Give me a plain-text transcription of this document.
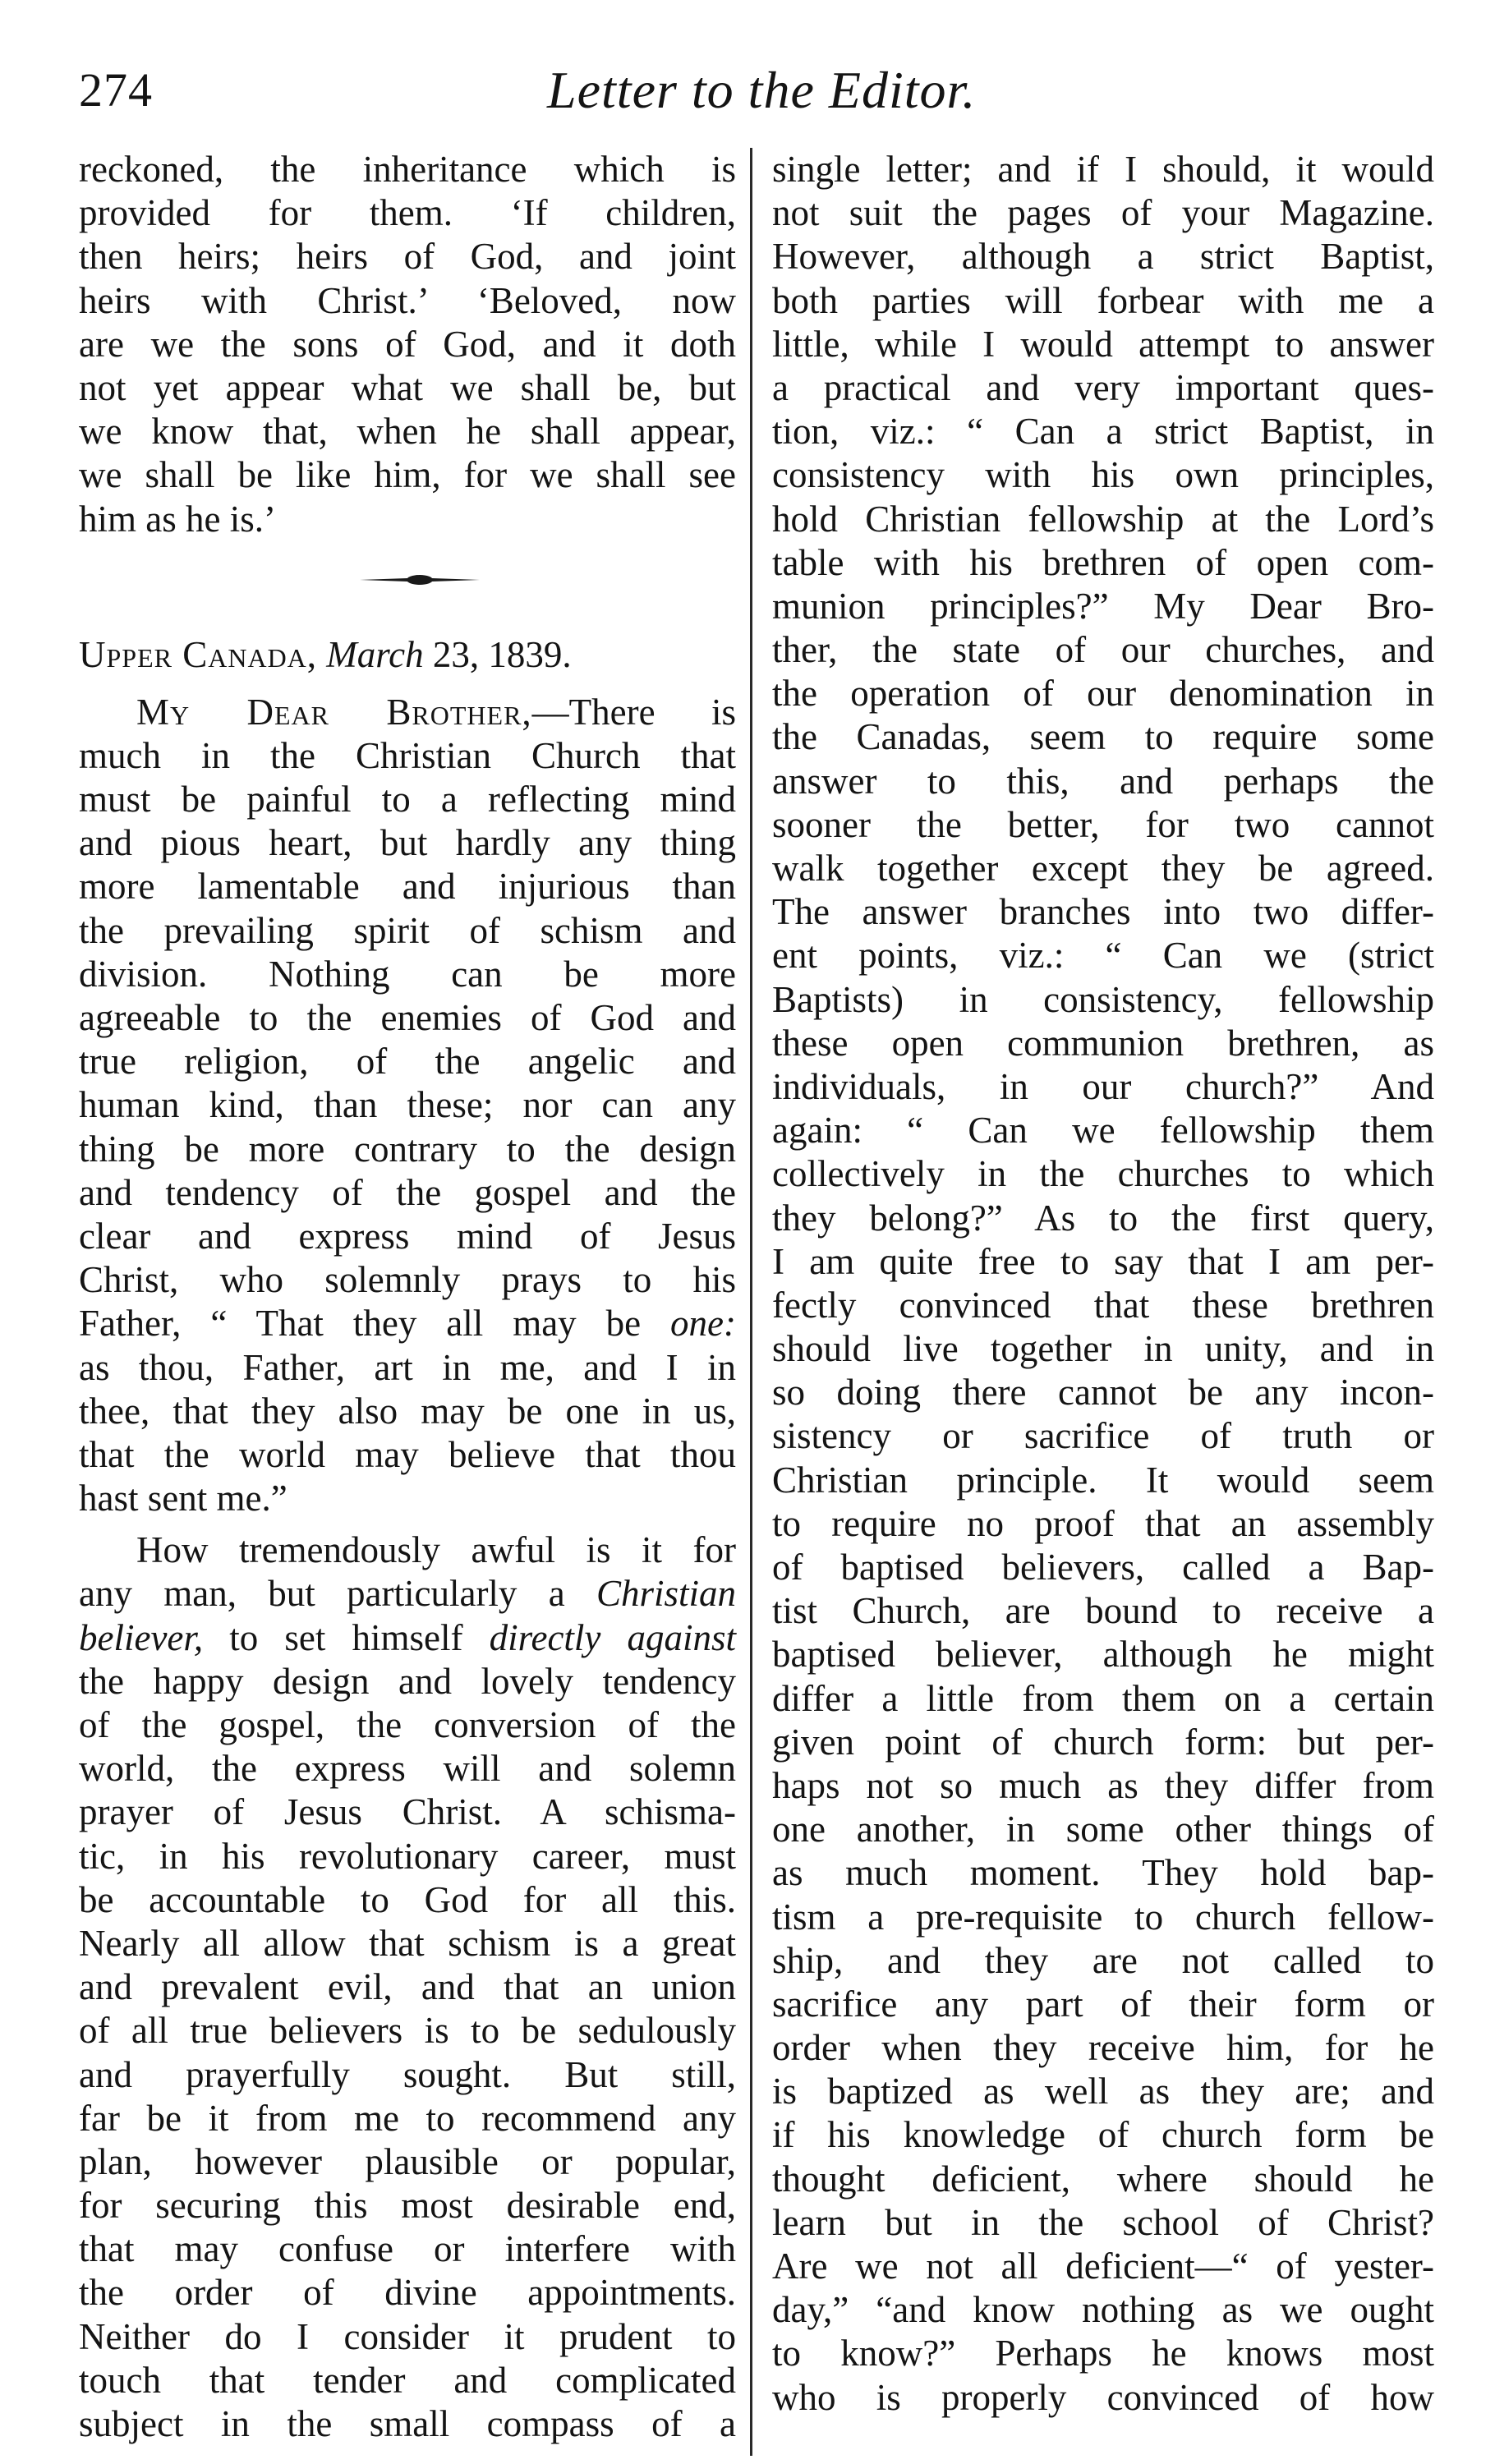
274	Letter to the Editor.
reckoned, the inheritance which is
provided for them. ‘If children,
then heirs; heirs of God, and joint
heirs with Christ.’ ‘Beloved, now
are we the sons of God, and it doth
not yet appear what we shall be, but
we know that, when he shall appear,
we shall be like him, for we shall see
him as he is.’
Upper Canada, March 23, 1839.
My Dear Brother,—There is
much in the Christian Church that
must be painful to a reflecting mind
and pious heart, but hardly any thing
more lamentable and injurious than
the prevailing spirit of schism and
division. Nothing can be more
agreeable to the enemies of God and
true religion, of the angelic and
human kind, than these; nor can any
thing be more contrary to the design
and tendency of the gospel and the
clear and express mind of Jesus
Christ, who solemnly prays to his
Father, “ That they all may be one:
as thou, Father, art in me, and I in
thee, that they also may be one in us,
that the world may believe that thou
hast sent me.”
How tremendously awful is it for
any man, but particularly a Christian
believer, to set himself directly against
the happy design and lovely tendency
of the gospel, the conversion of the
world, the express will and solemn
prayer of Jesus Christ. A schisma-
tic, in his revolutionary career, must
be accountable to God for all this.
Nearly all allow that schism is a great
and prevalent evil, and that an union
of all true believers is to be sedulously
and prayerfully sought. But still,
far be it from me to recommend any
plan, however plausible or popular,
for securing this most desirable end,
that may confuse or interfere with
the order of divine appointments.
Neither do I consider it prudent to
touch that tender and complicated
subject in the small compass of a
single letter; and if I should, it would
not suit the pages of your Magazine.
However, although a strict Baptist,
both parties will forbear with me a
little, while I would attempt to answer
a practical and very important ques-
tion, viz.: “ Can a strict Baptist, in
consistency with his own principles,
hold Christian fellowship at the Lord’s
table with his brethren of open com-
munion principles?” My Dear Bro-
ther, the state of our churches, and
the operation of our denomination in
the Canadas, seem to require some
answer to this, and perhaps the
sooner the better, for two cannot
walk together except they be agreed.
The answer branches into two differ-
ent points, viz.: “ Can we (strict
Baptists) in consistency, fellowship
these open communion brethren, as
individuals, in our church?” And
again: “ Can we fellowship them
collectively in the churches to which
they belong?” As to the first query,
I am quite free to say that I am per-
fectly convinced that these brethren
should live together in unity, and in
so doing there cannot be any incon-
sistency or sacrifice of truth or
Christian principle. It would seem
to require no proof that an assembly
of baptised believers, called a Bap-
tist Church, are bound to receive a
baptised believer, although he might
differ a little from them on a certain
given point of church form: but per-
haps not so much as they differ from
one another, in some other things of
as much moment. They hold bap-
tism a pre-requisite to church fellow-
ship, and they are not called to
sacrifice any part of their form or
order when they receive him, for he
is baptized as well as they are; and
if his knowledge of church form be
thought deficient, where should he
learn but in the school of Christ?
Are we not all deficient—“ of yester-
day,” “and know nothing as we ought
to know?” Perhaps he knows most
who is properly convinced of how
